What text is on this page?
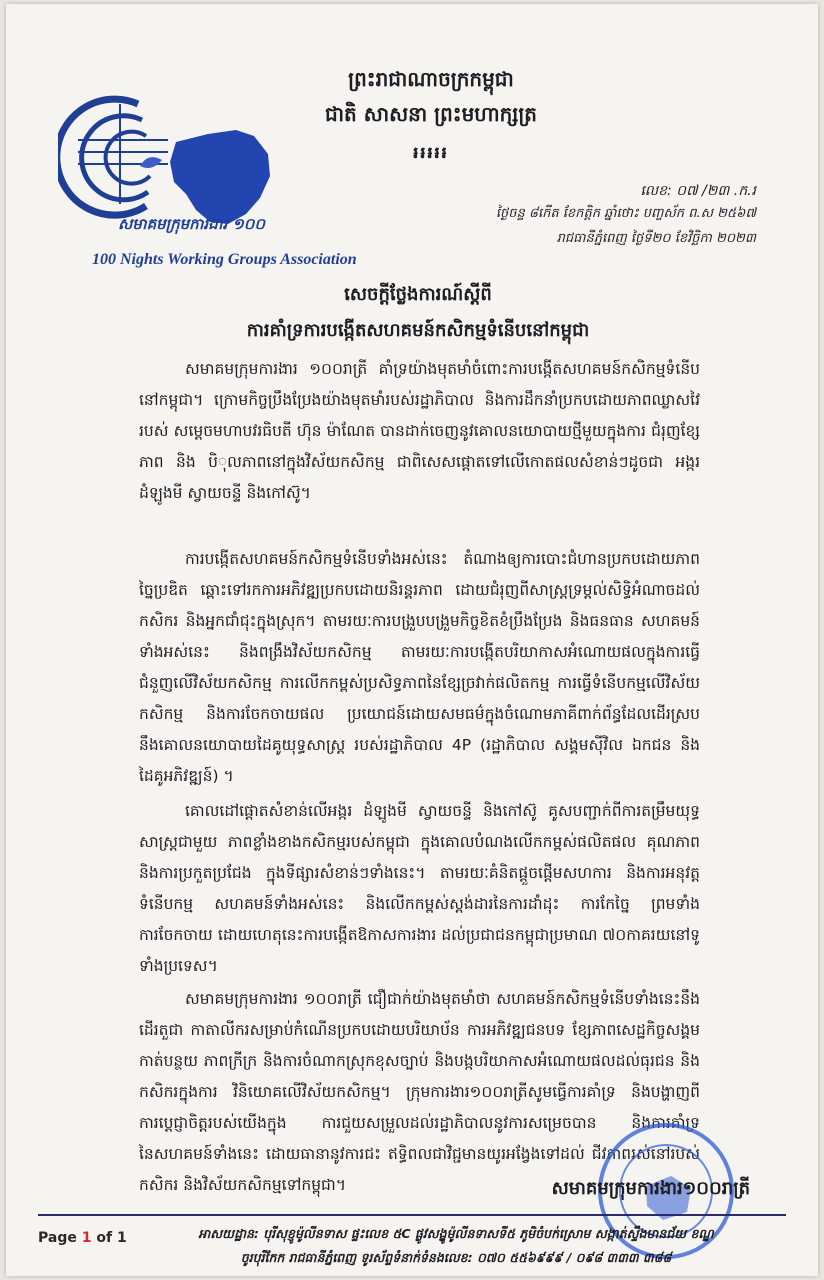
សមាគមក្រុមការងារ ១០០
100 Nights Working Groups Association
ព្រះរាជាណាចក្រកម្ពុជា
ជាតិ សាសនា ព្រះមហាក្សត្រ
៛៛៛៛៛
លេខ: ០៧ /២៣ .ក.រ
ថ្ងៃចន្ទ ៨កើត ខែកត្តិក ឆ្នាំថោះ បញ្ចស័ក ព.ស ២៥៦៧
រាជធានីភ្នំពេញ ថ្ងៃទី២០ ខែវិច្ឆិកា ២០២៣
សេចក្តីថ្លែងការណ៍ស្តីពី
ការគាំទ្រការបង្កើតសហគមន៍កសិកម្មទំនើបនៅកម្ពុជា
សមាគមក្រុមការងារ ១០០រាត្រី គាំទ្រយ៉ាងមុតមាំចំពោះការបង្កើតសហគមន៍កសិកម្មទំនើបនៅកម្ពុជា។ ក្រោមកិច្ចប្រឹងប្រែងយ៉ាងមុតមាំរបស់រដ្ឋាភិបាល និងការដឹកនាំប្រកបដោយភាពឈ្លាសវៃរបស់ សម្តេចមហាបវរធិបតី ហ៊ុន ម៉ាណែត បានដាក់ចេញនូវគោលនយោបាយថ្មីមួយក្នុងការ ជំរុញខ្សែភាព និង បិុលភាពនៅក្នុងវិស័យកសិកម្ម ជាពិសេសផ្តោតទៅលើកោតផលសំខាន់ៗដូចជា អង្ករ ដំឡូងមី ស្វាយចន្ទី និងកៅស៊ូ។
ការបង្កើតសហគមន៍កសិកម្មទំនើបទាំងអស់នេះ តំណាងឲ្យការបោះជំហានប្រកបដោយភាពច្នៃប្រឌិត ឆ្ពោះទៅរកការអភិវឌ្ឍប្រកបដោយនិរន្តរភាព ដោយជំរុញពីសាស្ត្រទ្រម្តល់សិទ្ធិអំណាចដល់កសិករ និងអ្នកជាំជុះក្នុងស្រុក។ តាមរយៈការបង្រួបបង្រួមកិច្ចខិតខំប្រឹងប្រែង និងធនធាន សហគមន៍ទាំងអស់នេះ និងពង្រឹងវិស័យកសិកម្ម តាមរយៈការបង្កើតបរិយាកាសអំណោយផលក្នុងការធ្វើជំនួញលើវិស័យកសិកម្ម ការលើកកម្ពស់ប្រសិទ្ធភាពនៃខ្សែច្រវាក់ផលិតកម្ម ការធ្វើទំនើបកម្មលើវិស័យកសិកម្ម និងការចែកចាយផល ប្រយោជន៍ដោយសមធម៌ក្នុងចំណោមភាគីពាក់ព័ន្ធដែលដើរស្រប នឹងគោលនយោបាយដៃគូយុទ្ធសាស្ត្រ របស់រដ្ឋាភិបាល 4P (រដ្ឋាភិបាល សង្គមស៊ីវិល ឯកជន និងដៃគូអភិវឌ្ឍន៍) ។
គោលដៅផ្តោតសំខាន់លើអង្ករ ដំឡូងមី ស្វាយចន្ទី និងកៅស៊ូ គូសបញ្ជាក់ពីការតម្រឹមយុទ្ធសាស្ត្រជាមួយ ភាពខ្លាំងខាងកសិកម្មរបស់កម្ពុជា ក្នុងគោលបំណងលើកកម្ពស់ផលិតផល គុណភាព និងការប្រកួតប្រជែង ក្នុងទីផ្សារសំខាន់ៗទាំងនេះ។ តាមរយៈគំនិតផ្តួចផ្តើមសហការ និងការអនុវត្តទំនើបកម្ម សហគមន៍ទាំងអស់នេះ និងលើកកម្ពស់ស្តង់ដារនៃការដាំដុះ ការកែច្នៃ ព្រមទាំងការចែកចាយ ដោយហេតុនេះការបង្កើតឱកាសការងារ ដល់ប្រជាជនកម្ពុជាប្រមាណ ៧០កាគរយនៅទូទាំងប្រទេស។
សមាគមក្រុមការងារ ១០០រាត្រី ជឿជាក់យ៉ាងមុតមាំថា សហគមន៍កសិកម្មទំនើបទាំងនេះនឹងដើរតួជា កាតាលីករសម្រាប់កំណើនប្រកបដោយបរិយាប័ន ការអភិវឌ្ឍជនបទ ខ្សែភាពសេដ្ឋកិច្ចសង្គម កាត់បន្ថយ ភាពក្រីក្រ និងការចំណាកស្រុកខុសច្បាប់ និងបង្កបរិយាកាសអំណោយផលដល់ធុរជន និងកសិករក្នុងការ វិនិយោគលើវិស័យកសិកម្ម។ ក្រុមការងារ១០០រាត្រីសូមធ្វើការគាំទ្រ និងបង្ហាញពីការប្តេជ្ញាចិត្តរបស់យើងក្នុង ការជួយសម្រួលដល់រដ្ឋាភិបាលនូវការសម្រេចបាន និងការគាំទ្រនៃសហគមន៍ទាំងនេះ ដោយធានានូវការជះ ឥទ្ធិពលជាវិជ្ជមានយូរអង្វែងទៅដល់ ជីវភាពរស់នៅរបស់កសិករ និងវិស័យកសិកម្មទៅកម្ពុជា។	សមាគមក្រុមការងារ១០០រាត្រី
Page 1 of 1	អាសយដ្ឋាន: បុរីសុខ្ញូម៉ូលីនទាស ផ្ទះលេខ ៥C ផ្លូវសង្ខ្ញូម៉ូលីនទាសទី៥ ភូមិចំបក់ស្រោម សង្កាត់ស្ទឹងមានជ័យ ខណ្ឌ
ចូរបុរីកែក រាជធានីភ្នំពេញ ទូរស័ព្ទទំនាក់ទំនងលេខ: ០៧០ ៥៥៦៩៩៩ / ០៩៨ ៣៣៣ ៣៨៨
